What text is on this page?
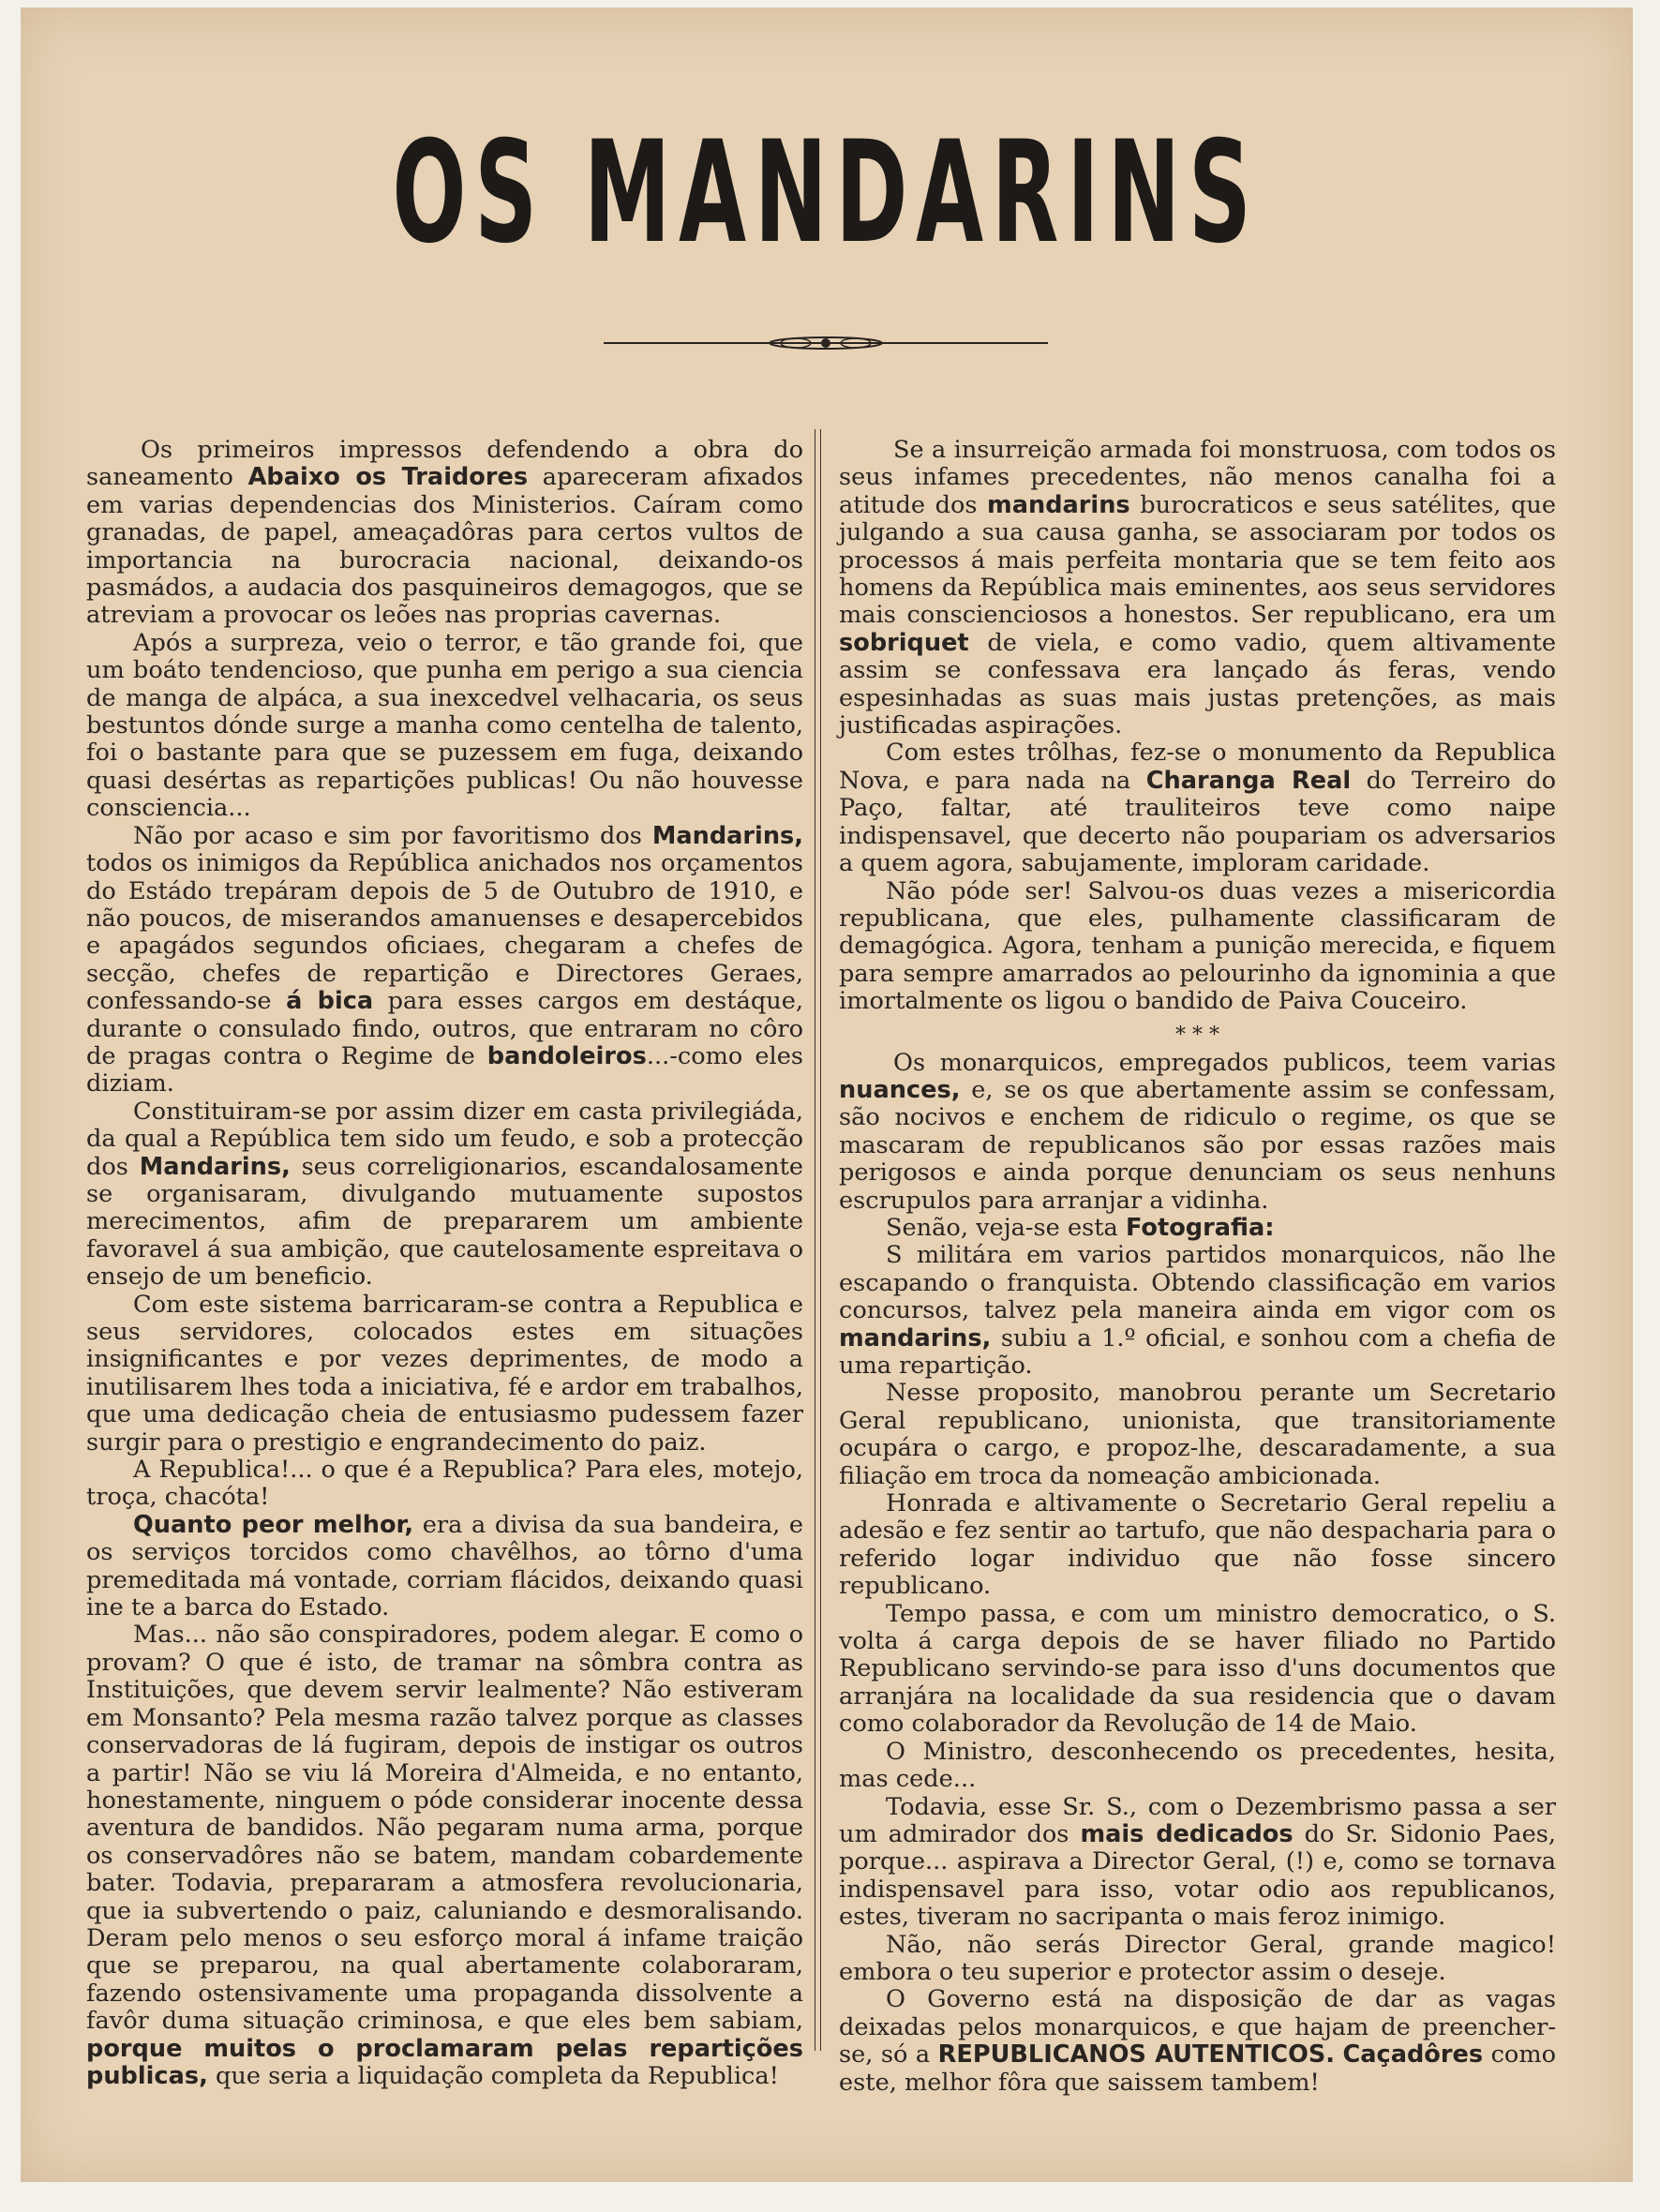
OS MANDARINS

Os primeiros impressos defendendo a obra do saneamento Abaixo os Traidores apareceram afixados em varias dependencias dos Ministerios. Caíram como granadas, de papel, ameaçadôras para certos vultos de importancia na burocracia nacional, deixando-os pasmádos, a audacia dos pasquineiros demagogos, que se atreviam a provocar os leões nas proprias cavernas.

Após a surpreza, veio o terror, e tão grande foi, que um boáto tendencioso, que punha em perigo a sua ciencia de manga de alpáca, a sua inexcedvel velhacaria, os seus bestuntos dónde surge a manha como centelha de talento, foi o bastante para que se puzessem em fuga, deixando quasi desértas as repartições publicas! Ou não houvesse consciencia...

Não por acaso e sim por favoritismo dos Mandarins, todos os inimigos da República anichados nos orçamentos do Estádo trepáram depois de 5 de Outubro de 1910, e não poucos, de miserandos amanuenses e desapercebidos e apagádos segundos oficiaes, chegaram a chefes de secção, chefes de repartição e Directores Geraes, confessando-se á bica para esses cargos em destáque, durante o consulado findo, outros, que entraram no côro de pragas contra o Regime de bandoleiros...-como eles diziam.

Constituiram-se por assim dizer em casta privilegiáda, da qual a República tem sido um feudo, e sob a protecção dos Mandarins, seus correligionarios, escandalosamente se organisaram, divulgando mutuamente supostos merecimentos, afim de prepararem um ambiente favoravel á sua ambição, que cautelosamente espreitava o ensejo de um beneficio.

Com este sistema barricaram-se contra a Republica e seus servidores, colocados estes em situações insignificantes e por vezes deprimentes, de modo a inutilisarem lhes toda a iniciativa, fé e ardor em trabalhos, que uma dedicação cheia de entusiasmo pudessem fazer surgir para o prestigio e engrandecimento do paiz.

A Republica!... o que é a Republica? Para eles, motejo, troça, chacóta!

Quanto peor melhor, era a divisa da sua bandeira, e os serviços torcidos como chavêlhos, ao tôrno d'uma premeditada má vontade, corriam flácidos, deixando quasi ine te a barca do Estado.

Mas... não são conspiradores, podem alegar. E como o provam? O que é isto, de tramar na sômbra contra as Instituições, que devem servir lealmente? Não estiveram em Monsanto? Pela mesma razão talvez porque as classes conservadoras de lá fugiram, depois de instigar os outros a partir! Não se viu lá Moreira d'Almeida, e no entanto, honestamente, ninguem o póde considerar inocente dessa aventura de bandidos. Não pegaram numa arma, porque os conservadôres não se batem, mandam cobardemente bater. Todavia, prepararam a atmosfera revolucionaria, que ia subvertendo o paiz, caluniando e desmoralisando. Deram pelo menos o seu esforço moral á infame traição que se preparou, na qual abertamente colaboraram, fazendo ostensivamente uma propaganda dissolvente a favôr duma situação criminosa, e que eles bem sabiam, porque muitos o proclamaram pelas repartições publicas, que seria a liquidação completa da Republica!

Se a insurreição armada foi monstruosa, com todos os seus infames precedentes, não menos canalha foi a atitude dos mandarins burocraticos e seus satélites, que julgando a sua causa ganha, se associaram por todos os processos á mais perfeita montaria que se tem feito aos homens da República mais eminentes, aos seus servidores mais conscienciosos a honestos. Ser republicano, era um sobriquet de viela, e como vadio, quem altivamente assim se confessava era lançado ás feras, vendo espesinhadas as suas mais justas pretenções, as mais justificadas aspirações.

Com estes trôlhas, fez-se o monumento da Republica Nova, e para nada na Charanga Real do Terreiro do Paço, faltar, até trauliteiros teve como naipe indispensavel, que decerto não poupariam os adversarios a quem agora, sabujamente, imploram caridade.

Não póde ser! Salvou-os duas vezes a misericordia republicana, que eles, pulhamente classificaram de demagógica. Agora, tenham a punição merecida, e fiquem para sempre amarrados ao pelourinho da ignominia a que imortalmente os ligou o bandido de Paiva Couceiro.

* * *

Os monarquicos, empregados publicos, teem varias nuances, e, se os que abertamente assim se confessam, são nocivos e enchem de ridiculo o regime, os que se mascaram de republicanos são por essas razões mais perigosos e ainda porque denunciam os seus nenhuns escrupulos para arranjar a vidinha.

Senão, veja-se esta Fotografia:

S militára em varios partidos monarquicos, não lhe escapando o franquista. Obtendo classificação em varios concursos, talvez pela maneira ainda em vigor com os mandarins, subiu a 1.º oficial, e sonhou com a chefia de uma repartição.

Nesse proposito, manobrou perante um Secretario Geral republicano, unionista, que transitoriamente ocupára o cargo, e propoz-lhe, descaradamente, a sua filiação em troca da nomeação ambicionada.

Honrada e altivamente o Secretario Geral repeliu a adesão e fez sentir ao tartufo, que não despacharia para o referido logar individuo que não fosse sincero republicano.

Tempo passa, e com um ministro democratico, o S. volta á carga depois de se haver filiado no Partido Republicano servindo-se para isso d'uns documentos que arranjára na localidade da sua residencia que o davam como colaborador da Revolução de 14 de Maio.

O Ministro, desconhecendo os precedentes, hesita, mas cede...

Todavia, esse Sr. S., com o Dezembrismo passa a ser um admirador dos mais dedicados do Sr. Sidonio Paes, porque... aspirava a Director Geral, (!) e, como se tornava indispensavel para isso, votar odio aos republicanos, estes, tiveram no sacripanta o mais feroz inimigo.

Não, não serás Director Geral, grande magico! embora o teu superior e protector assim o deseje.

O Governo está na disposição de dar as vagas deixadas pelos monarquicos, e que hajam de preencher-se, só a REPUBLICANOS AUTENTICOS. Caçadôres como este, melhor fôra que saissem tambem!
